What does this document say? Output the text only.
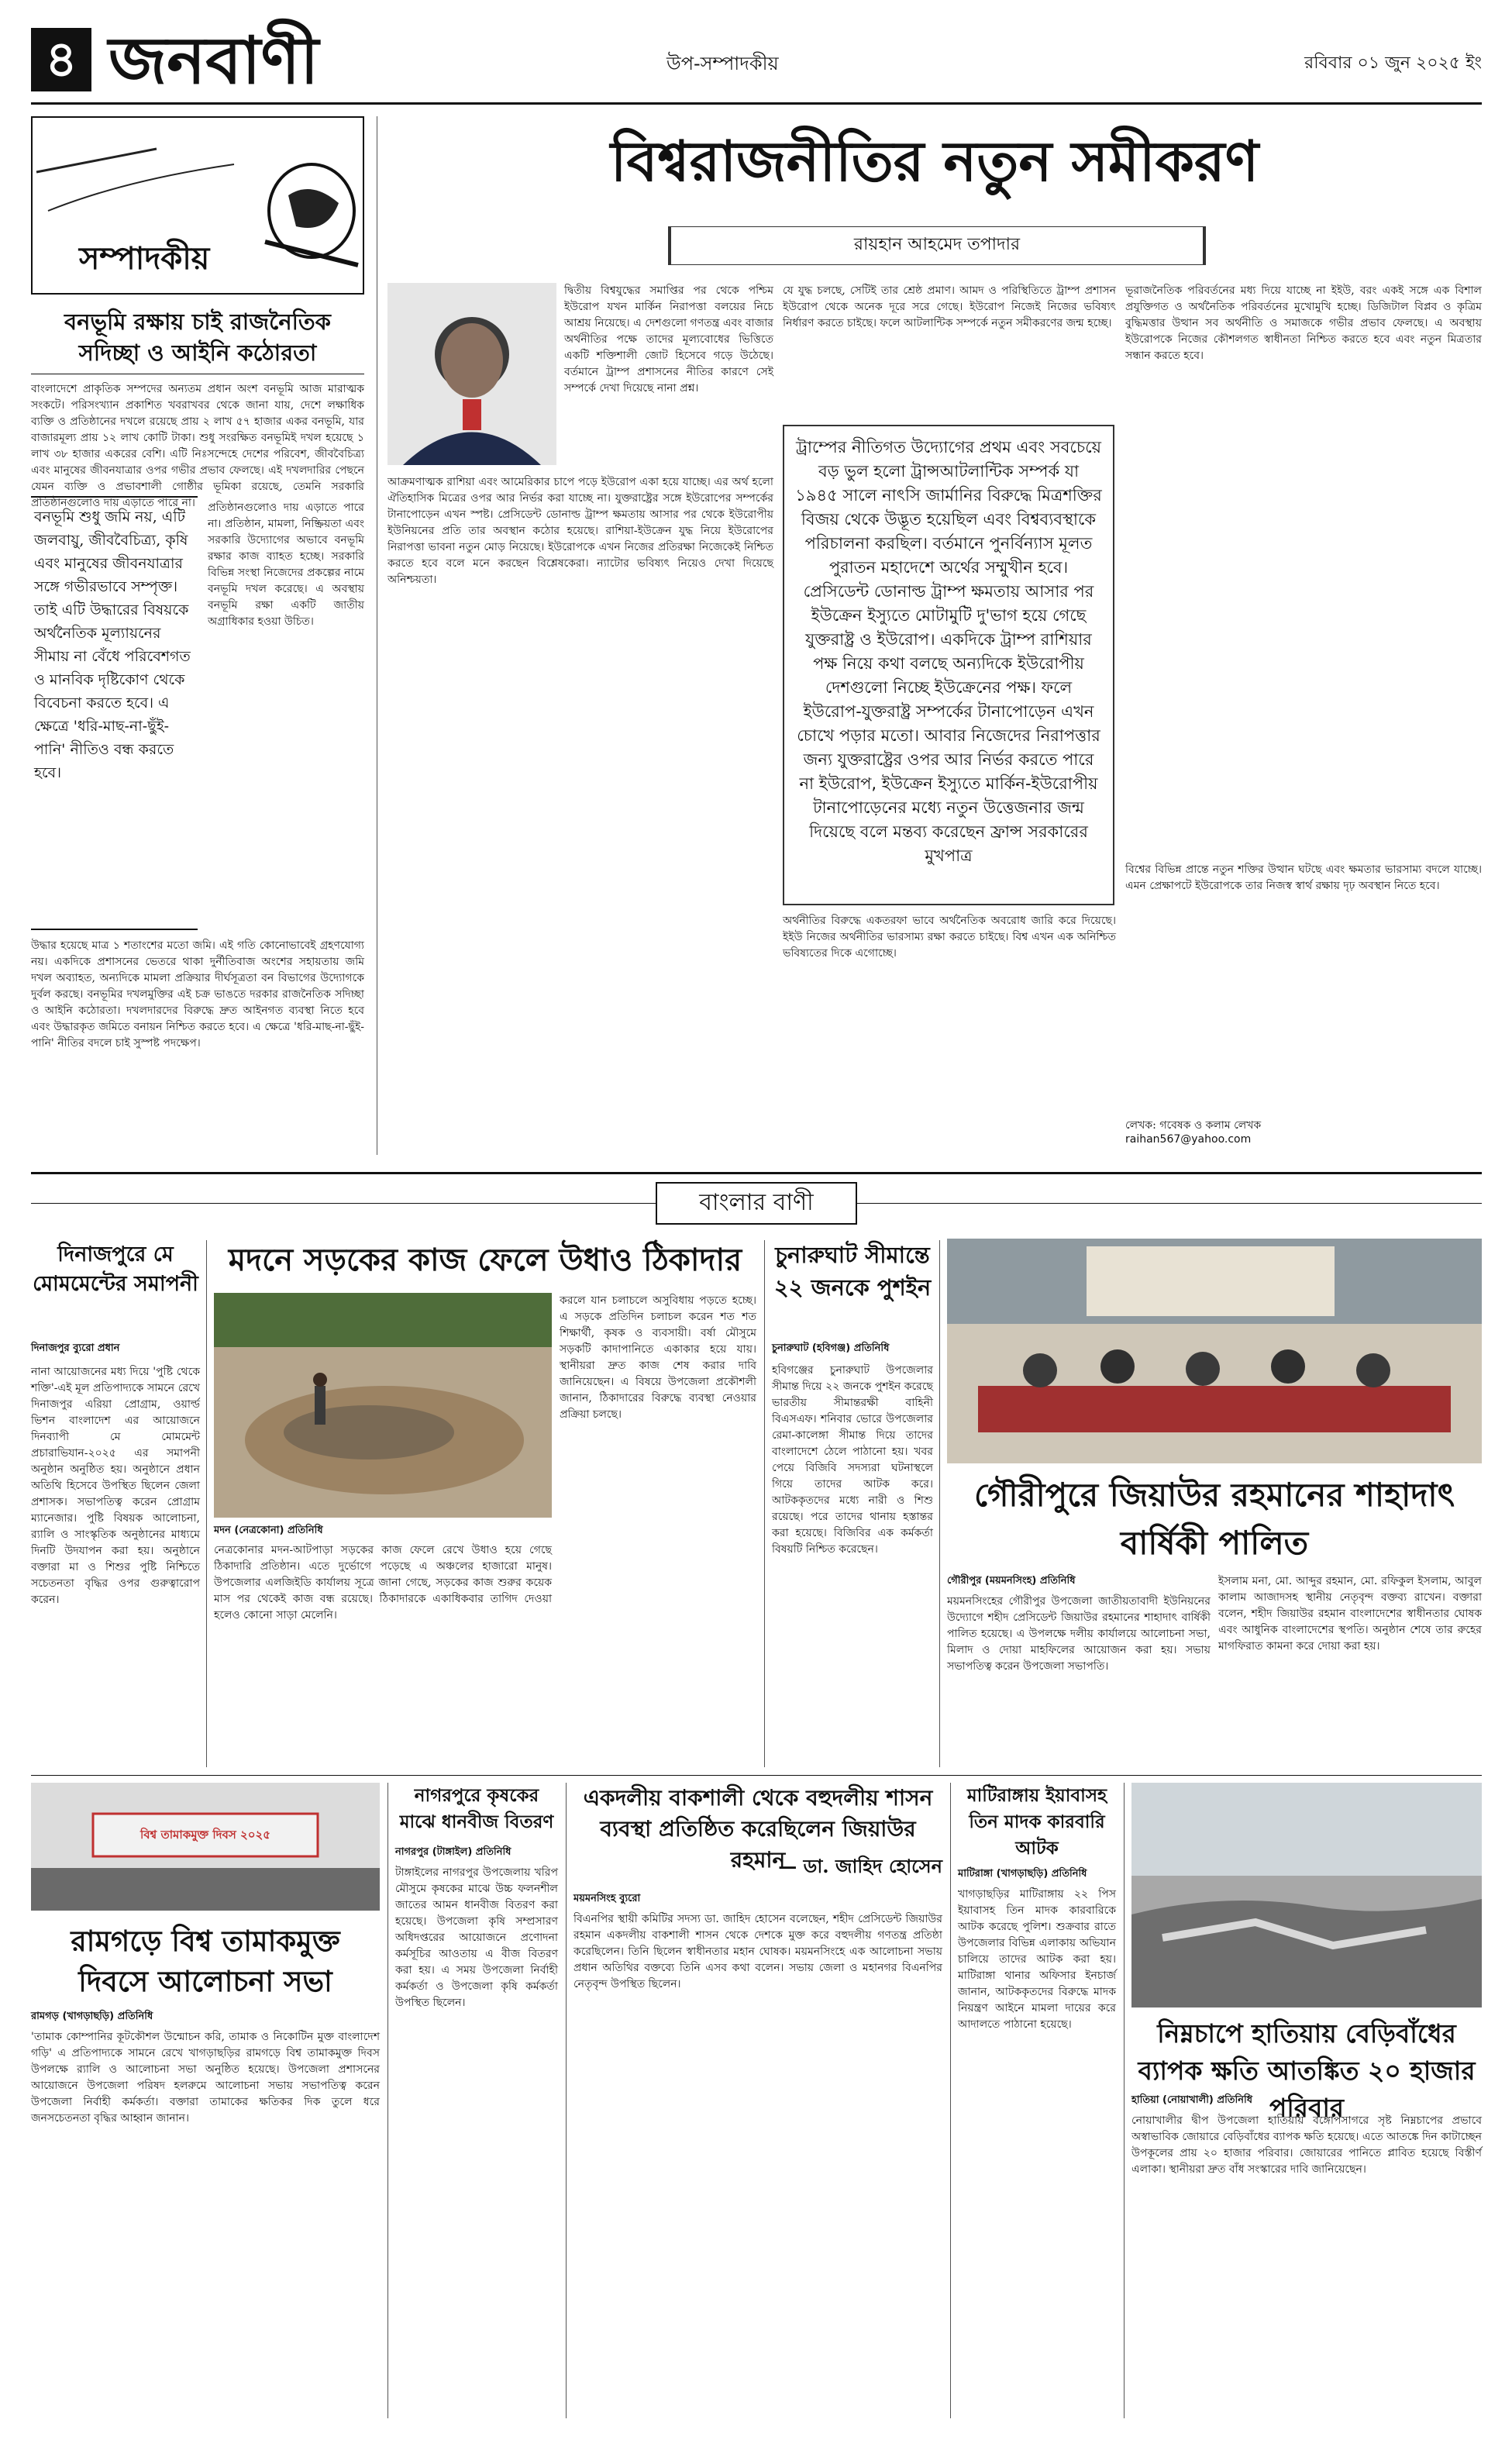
৪ জনবাণী	উপ-সম্পাদকীয়	রবিবার ০১ জুন ২০২৫ ইং
সম্পাদকীয়
বনভূমি রক্ষায় চাই রাজনৈতিক
সদিচ্ছা ও আইনি কঠোরতা
বাংলাদেশে প্রাকৃতিক সম্পদের অন্যতম প্রধান অংশ বনভূমি আজ মারাত্মক সংকটে। পরিসংখ্যান প্রকাশিত খবরাখবর থেকে জানা যায়, দেশে লক্ষাধিক ব্যক্তি ও প্রতিষ্ঠানের দখলে রয়েছে প্রায় ২ লাখ ৫৭ হাজার একর বনভূমি, যার বাজারমূল্য প্রায় ১২ লাখ কোটি টাকা। শুধু সংরক্ষিত বনভূমিই দখল হয়েছে ১ লাখ ৩৮ হাজার একরের বেশি। এটি নিঃসন্দেহে দেশের পরিবেশ, জীববৈচিত্র্য এবং মানুষের জীবনযাত্রার ওপর গভীর প্রভাব ফেলছে। এই দখলদারির পেছনে যেমন ব্যক্তি ও প্রভাবশালী গোষ্ঠীর ভূমিকা রয়েছে, তেমনি সরকারি প্রতিষ্ঠানগুলোও দায় এড়াতে পারে না।
বনভূমি শুধু জমি নয়, এটি জলবায়ু, জীববৈচিত্র্য, কৃষি এবং মানুষের জীবনযাত্রার সঙ্গে গভীরভাবে সম্পৃক্ত। তাই এটি উদ্ধারের বিষয়কে অর্থনৈতিক মূল্যায়নের সীমায় না বেঁধে পরিবেশগত ও মানবিক দৃষ্টিকোণ থেকে বিবেচনা করতে হবে। এ ক্ষেত্রে 'ধরি-মাছ-না-ছুঁই-পানি' নীতিও বন্ধ করতে হবে।
প্রতিষ্ঠানগুলোও দায় এড়াতে পারে না। প্রতিষ্ঠান, মামলা, নিষ্ক্রিয়তা এবং সরকারি উদ্যোগের অভাবে বনভূমি রক্ষার কাজ ব্যাহত হচ্ছে। সরকারি বিভিন্ন সংস্থা নিজেদের প্রকল্পের নামে বনভূমি দখল করেছে। এ অবস্থায় বনভূমি রক্ষা একটি জাতীয় অগ্রাধিকার হওয়া উচিত।
উদ্ধার হয়েছে মাত্র ১ শতাংশের মতো জমি। এই গতি কোনোভাবেই গ্রহণযোগ্য নয়। একদিকে প্রশাসনের ভেতরে থাকা দুর্নীতিবাজ অংশের সহায়তায় জমি দখল অব্যাহত, অন্যদিকে মামলা প্রক্রিয়ার দীর্ঘসূত্রতা বন বিভাগের উদ্যোগকে দুর্বল করছে। বনভূমির দখলমুক্তির এই চক্র ভাঙতে দরকার রাজনৈতিক সদিচ্ছা ও আইনি কঠোরতা। দখলদারদের বিরুদ্ধে দ্রুত আইনগত ব্যবস্থা নিতে হবে এবং উদ্ধারকৃত জমিতে বনায়ন নিশ্চিত করতে হবে। এ ক্ষেত্রে 'ধরি-মাছ-না-ছুঁই-পানি' নীতির বদলে চাই সুস্পষ্ট পদক্ষেপ।
বিশ্বরাজনীতির নতুন সমীকরণ
রায়হান আহমেদ তপাদার
দ্বিতীয় বিশ্বযুদ্ধের সমাপ্তির পর থেকে পশ্চিম ইউরোপ যখন মার্কিন নিরাপত্তা বলয়ের নিচে আশ্রয় নিয়েছে। এ দেশগুলো গণতন্ত্র এবং বাজার অর্থনীতির পক্ষে তাদের মূল্যবোধের ভিত্তিতে একটি শক্তিশালী জোট হিসেবে গড়ে উঠেছে। বর্তমানে ট্রাম্প প্রশাসনের নীতির কারণে সেই সম্পর্কে দেখা দিয়েছে নানা প্রশ্ন।
আক্রমণাত্মক রাশিয়া এবং আমেরিকার চাপে পড়ে ইউরোপ একা হয়ে যাচ্ছে। এর অর্থ হলো ঐতিহাসিক মিত্রের ওপর আর নির্ভর করা যাচ্ছে না। যুক্তরাষ্ট্রের সঙ্গে ইউরোপের সম্পর্কের টানাপোড়েন এখন স্পষ্ট। প্রেসিডেন্ট ডোনাল্ড ট্রাম্প ক্ষমতায় আসার পর থেকে ইউরোপীয় ইউনিয়নের প্রতি তার অবস্থান কঠোর হয়েছে। রাশিয়া-ইউক্রেন যুদ্ধ নিয়ে ইউরোপের নিরাপত্তা ভাবনা নতুন মোড় নিয়েছে। ইউরোপকে এখন নিজের প্রতিরক্ষা নিজেকেই নিশ্চিত করতে হবে বলে মনে করছেন বিশ্লেষকেরা। ন্যাটোর ভবিষ্যৎ নিয়েও দেখা দিয়েছে অনিশ্চয়তা।
যে যুদ্ধ চলছে, সেটিই তার শ্রেষ্ঠ প্রমাণ। আমদ ও পরিস্থিতিতে ট্রাম্প প্রশাসন ইউরোপ থেকে অনেক দূরে সরে গেছে। ইউরোপ নিজেই নিজের ভবিষ্যৎ নির্ধারণ করতে চাইছে। ফলে আটলান্টিক সম্পর্কে নতুন সমীকরণের জন্ম হচ্ছে।
ট্রাম্পের নীতিগত উদ্যোগের প্রথম এবং সবচেয়ে বড় ভুল হলো ট্রান্সআটলান্টিক সম্পর্ক যা ১৯৪৫ সালে নাৎসি জার্মানির বিরুদ্ধে মিত্রশক্তির বিজয় থেকে উদ্ভূত হয়েছিল এবং বিশ্বব্যবস্থাকে পরিচালনা করছিল। বর্তমানে পুনর্বিন্যাস মূলত পুরাতন মহাদেশে অর্থের সম্মুখীন হবে। প্রেসিডেন্ট ডোনাল্ড ট্রাম্প ক্ষমতায় আসার পর ইউক্রেন ইস্যুতে মোটামুটি দু'ভাগ হয়ে গেছে যুক্তরাষ্ট্র ও ইউরোপ। একদিকে ট্রাম্প রাশিয়ার পক্ষ নিয়ে কথা বলছে অন্যদিকে ইউরোপীয় দেশগুলো নিচ্ছে ইউক্রেনের পক্ষ। ফলে ইউরোপ-যুক্তরাষ্ট্র সম্পর্কের টানাপোড়েন এখন চোখে পড়ার মতো। আবার নিজেদের নিরাপত্তার জন্য যুক্তরাষ্ট্রের ওপর আর নির্ভর করতে পারে না ইউরোপ, ইউক্রেন ইস্যুতে মার্কিন-ইউরোপীয় টানাপোড়েনের মধ্যে নতুন উত্তেজনার জন্ম দিয়েছে বলে মন্তব্য করেছেন ফ্রান্স সরকারের মুখপাত্র
অর্থনীতির বিরুদ্ধে একতরফা ভাবে অর্থনৈতিক অবরোধ জারি করে দিয়েছে। ইইউ নিজের অর্থনীতির ভারসাম্য রক্ষা করতে চাইছে। বিশ্ব এখন এক অনিশ্চিত ভবিষ্যতের দিকে এগোচ্ছে।
ভূরাজনৈতিক পরিবর্তনের মধ্য দিয়ে যাচ্ছে না ইইউ, বরং একই সঙ্গে এক বিশাল প্রযুক্তিগত ও অর্থনৈতিক পরিবর্তনের মুখোমুখি হচ্ছে। ডিজিটাল বিপ্লব ও কৃত্রিম বুদ্ধিমত্তার উত্থান সব অর্থনীতি ও সমাজকে গভীর প্রভাব ফেলছে। এ অবস্থায় ইউরোপকে নিজের কৌশলগত স্বাধীনতা নিশ্চিত করতে হবে এবং নতুন মিত্রতার সন্ধান করতে হবে।
বিশ্বের বিভিন্ন প্রান্তে নতুন শক্তির উত্থান ঘটছে এবং ক্ষমতার ভারসাম্য বদলে যাচ্ছে। এমন প্রেক্ষাপটে ইউরোপকে তার নিজস্ব স্বার্থ রক্ষায় দৃঢ় অবস্থান নিতে হবে।
লেখক: গবেষক ও কলাম লেখক
raihan567@yahoo.com
বাংলার বাণী
দিনাজপুরে মে মোমমেন্টের সমাপনী
দিনাজপুর ব্যুরো প্রধান
নানা আয়োজনের মধ্য দিয়ে 'পুষ্টি থেকে শক্তি'-এই মূল প্রতিপাদ্যকে সামনে রেখে দিনাজপুর এরিয়া প্রোগ্রাম, ওয়ার্ল্ড ভিশন বাংলাদেশ এর আয়োজনে দিনব্যাপী মে মোমমেন্ট প্রচারাভিযান-২০২৫ এর সমাপনী অনুষ্ঠান অনুষ্ঠিত হয়। অনুষ্ঠানে প্রধান অতিথি হিসেবে উপস্থিত ছিলেন জেলা প্রশাসক। সভাপতিত্ব করেন প্রোগ্রাম ম্যানেজার। পুষ্টি বিষয়ক আলোচনা, র‍্যালি ও সাংস্কৃতিক অনুষ্ঠানের মাধ্যমে দিনটি উদযাপন করা হয়। অনুষ্ঠানে বক্তারা মা ও শিশুর পুষ্টি নিশ্চিতে সচেতনতা বৃদ্ধির ওপর গুরুত্বারোপ করেন।
মদনে সড়কের কাজ ফেলে উধাও ঠিকাদার
মদন (নেত্রকোনা) প্রতিনিধি
নেত্রকোনার মদন-আটপাড়া সড়কের কাজ ফেলে রেখে উধাও হয়ে গেছে ঠিকাদারি প্রতিষ্ঠান। এতে দুর্ভোগে পড়েছে এ অঞ্চলের হাজারো মানুষ। উপজেলার এলজিইডি কার্যালয় সূত্রে জানা গেছে, সড়কের কাজ শুরুর কয়েক মাস পর থেকেই কাজ বন্ধ রয়েছে। ঠিকাদারকে একাধিকবার তাগিদ দেওয়া হলেও কোনো সাড়া মেলেনি।
করলে যান চলাচলে অসুবিধায় পড়তে হচ্ছে। এ সড়কে প্রতিদিন চলাচল করেন শত শত শিক্ষার্থী, কৃষক ও ব্যবসায়ী। বর্ষা মৌসুমে সড়কটি কাদাপানিতে একাকার হয়ে যায়। স্থানীয়রা দ্রুত কাজ শেষ করার দাবি জানিয়েছেন। এ বিষয়ে উপজেলা প্রকৌশলী জানান, ঠিকাদারের বিরুদ্ধে ব্যবস্থা নেওয়ার প্রক্রিয়া চলছে।
চুনারুঘাট সীমান্তে ২২ জনকে পুশইন
চুনারুঘাট (হবিগঞ্জ) প্রতিনিধি
হবিগঞ্জের চুনারুঘাট উপজেলার সীমান্ত দিয়ে ২২ জনকে পুশইন করেছে ভারতীয় সীমান্তরক্ষী বাহিনী বিএসএফ। শনিবার ভোরে উপজেলার রেমা-কালেঙ্গা সীমান্ত দিয়ে তাদের বাংলাদেশে ঠেলে পাঠানো হয়। খবর পেয়ে বিজিবি সদস্যরা ঘটনাস্থলে গিয়ে তাদের আটক করে। আটককৃতদের মধ্যে নারী ও শিশু রয়েছে। পরে তাদের থানায় হস্তান্তর করা হয়েছে। বিজিবির এক কর্মকর্তা বিষয়টি নিশ্চিত করেছেন।
গৌরীপুরে জিয়াউর রহমানের শাহাদাৎ বার্ষিকী পালিত
গৌরীপুর (ময়মনসিংহ) প্রতিনিধি
ময়মনসিংহের গৌরীপুর উপজেলা জাতীয়তাবাদী ইউনিয়নের উদ্যোগে শহীদ প্রেসিডেন্ট জিয়াউর রহমানের শাহাদাৎ বার্ষিকী পালিত হয়েছে। এ উপলক্ষে দলীয় কার্যালয়ে আলোচনা সভা, মিলাদ ও দোয়া মাহফিলের আয়োজন করা হয়। সভায় সভাপতিত্ব করেন উপজেলা সভাপতি।
ইসলাম মনা, মো. আব্দুর রহমান, মো. রফিকুল ইসলাম, আবুল কালাম আজাদসহ স্থানীয় নেতৃবৃন্দ বক্তব্য রাখেন। বক্তারা বলেন, শহীদ জিয়াউর রহমান বাংলাদেশের স্বাধীনতার ঘোষক এবং আধুনিক বাংলাদেশের স্থপতি। অনুষ্ঠান শেষে তার রুহের মাগফিরাত কামনা করে দোয়া করা হয়।
বিশ্ব তামাকমুক্ত দিবস ২০২৫
রামগড়ে বিশ্ব তামাকমুক্ত দিবসে আলোচনা সভা
রামগড় (খাগড়াছড়ি) প্রতিনিধি
'তামাক কোম্পানির কূটকৌশল উন্মোচন করি, তামাক ও নিকোটিন মুক্ত বাংলাদেশ গড়ি' এ প্রতিপাদ্যকে সামনে রেখে খাগড়াছড়ির রামগড়ে বিশ্ব তামাকমুক্ত দিবস উপলক্ষে র‍্যালি ও আলোচনা সভা অনুষ্ঠিত হয়েছে। উপজেলা প্রশাসনের আয়োজনে উপজেলা পরিষদ হলরুমে আলোচনা সভায় সভাপতিত্ব করেন উপজেলা নির্বাহী কর্মকর্তা। বক্তারা তামাকের ক্ষতিকর দিক তুলে ধরে জনসচেতনতা বৃদ্ধির আহ্বান জানান।
নাগরপুরে কৃষকের মাঝে ধানবীজ বিতরণ
নাগরপুর (টাঙ্গাইল) প্রতিনিধি
টাঙ্গাইলের নাগরপুর উপজেলায় খরিপ মৌসুমে কৃষকের মাঝে উচ্চ ফলনশীল জাতের আমন ধানবীজ বিতরণ করা হয়েছে। উপজেলা কৃষি সম্প্রসারণ অধিদপ্তরের আয়োজনে প্রণোদনা কর্মসূচির আওতায় এ বীজ বিতরণ করা হয়। এ সময় উপজেলা নির্বাহী কর্মকর্তা ও উপজেলা কৃষি কর্মকর্তা উপস্থিত ছিলেন।
একদলীয় বাকশালী থেকে বহুদলীয় শাসন ব্যবস্থা প্রতিষ্ঠিত করেছিলেন জিয়াউর রহমান
— ডা. জাহিদ হোসেন
ময়মনসিংহ ব্যুরো
বিএনপির স্থায়ী কমিটির সদস্য ডা. জাহিদ হোসেন বলেছেন, শহীদ প্রেসিডেন্ট জিয়াউর রহমান একদলীয় বাকশালী শাসন থেকে দেশকে মুক্ত করে বহুদলীয় গণতন্ত্র প্রতিষ্ঠা করেছিলেন। তিনি ছিলেন স্বাধীনতার মহান ঘোষক। ময়মনসিংহে এক আলোচনা সভায় প্রধান অতিথির বক্তব্যে তিনি এসব কথা বলেন। সভায় জেলা ও মহানগর বিএনপির নেতৃবৃন্দ উপস্থিত ছিলেন।
মাটিরাঙ্গায় ইয়াবাসহ তিন মাদক কারবারি আটক
মাটিরাঙ্গা (খাগড়াছড়ি) প্রতিনিধি
খাগড়াছড়ির মাটিরাঙ্গায় ২২ পিস ইয়াবাসহ তিন মাদক কারবারিকে আটক করেছে পুলিশ। শুক্রবার রাতে উপজেলার বিভিন্ন এলাকায় অভিযান চালিয়ে তাদের আটক করা হয়। মাটিরাঙ্গা থানার অফিসার ইনচার্জ জানান, আটককৃতদের বিরুদ্ধে মাদক নিয়ন্ত্রণ আইনে মামলা দায়ের করে আদালতে পাঠানো হয়েছে।	নিম্নচাপে হাতিয়ায় বেড়িবাঁধের ব্যাপক ক্ষতি আতঙ্কিত ২০ হাজার পরিবার
হাতিয়া (নোয়াখালী) প্রতিনিধি
নোয়াখালীর দ্বীপ উপজেলা হাতিয়ায় বঙ্গোপসাগরে সৃষ্ট নিম্নচাপের প্রভাবে অস্বাভাবিক জোয়ারে বেড়িবাঁধের ব্যাপক ক্ষতি হয়েছে। এতে আতঙ্কে দিন কাটাচ্ছেন উপকূলের প্রায় ২০ হাজার পরিবার। জোয়ারের পানিতে প্লাবিত হয়েছে বিস্তীর্ণ এলাকা। স্থানীয়রা দ্রুত বাঁধ সংস্কারের দাবি জানিয়েছেন।
